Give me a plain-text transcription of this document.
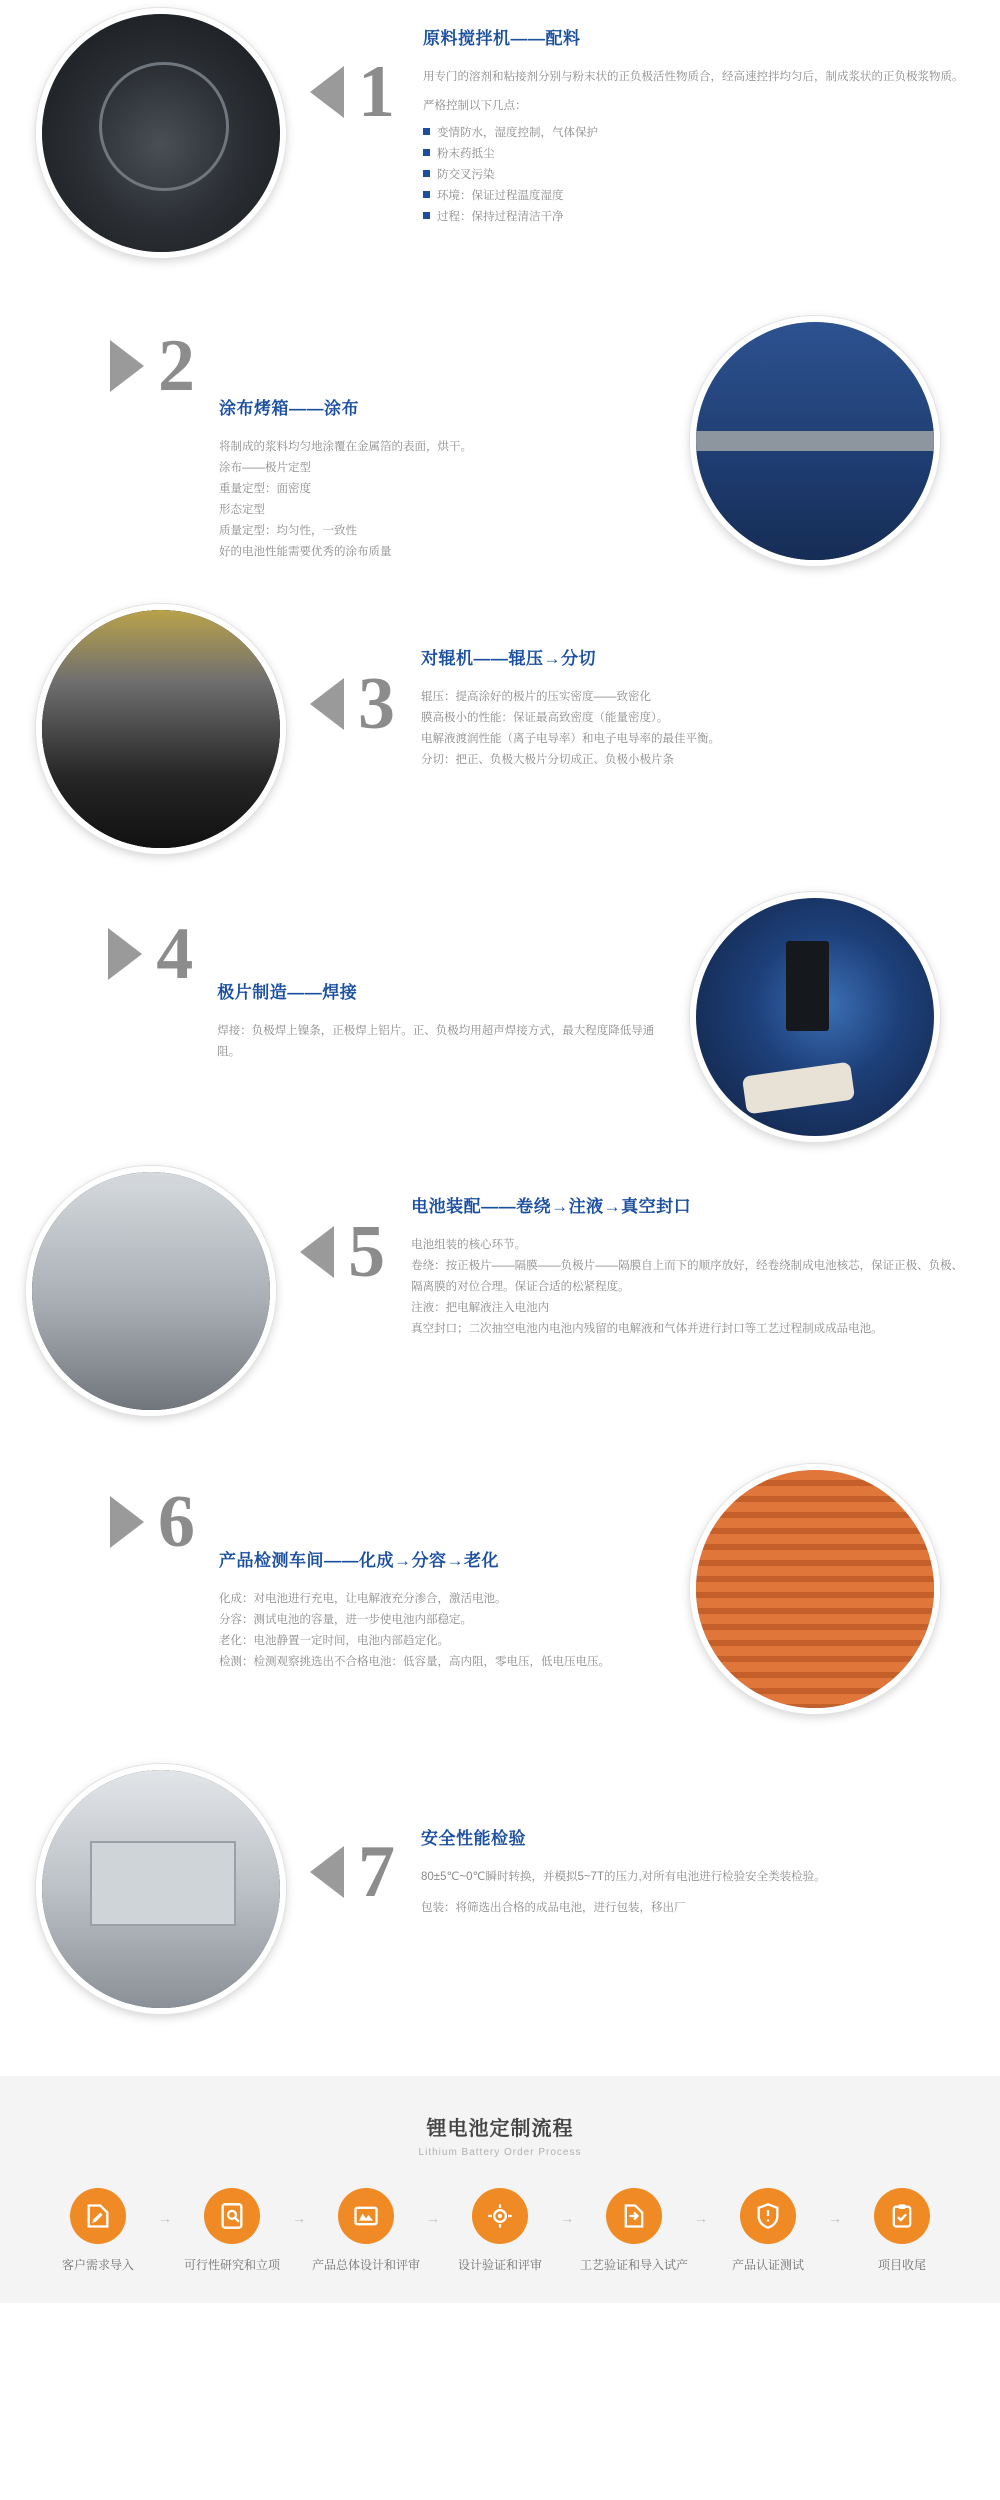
1
原料搅拌机——配料

用专门的溶剂和粘接剂分别与粉末状的正负极活性物质合，经高速控拌均匀后，制成浆状的正负极浆物质。

严格控制以下几点：

变情防水，湿度控制，气体保护
粉末药抵尘
防交叉污染
环境：保证过程温度湿度
过程：保持过程清洁干净
2
涂布烤箱——涂布

将制成的浆料均匀地涂覆在金属箔的表面，烘干。

涂布——极片定型

重量定型：面密度

形态定型

质量定型：均匀性，一致性

好的电池性能需要优秀的涂布质量

3
对辊机——辊压→分切

辊压：提高涂好的极片的压实密度——致密化

膜高极小的性能：保证最高致密度（能量密度）。

电解液渡润性能（离子电导率）和电子电导率的最佳平衡。

分切：把正、负极大极片分切成正、负极小极片条

4 极片制造——焊接

焊接：负极焊上镍条，正极焊上铝片。正、负极均用超声焊接方式，最大程度降低导通阻。

5
电池装配——卷绕→注液→真空封口

电池组装的核心环节。

卷绕：按正极片——隔膜——负极片——隔膜自上而下的顺序放好，经卷绕制成电池核芯，保证正极、负极、隔离膜的对位合理。保证合适的松紧程度。

注液：把电解液注入电池内

真空封口；二次抽空电池内电池内残留的电解液和气体并进行封口等工艺过程制成成品电池。

6 产品检测车间——化成→分容→老化

化成：对电池进行充电，让电解液充分渗合，激活电池。

分容：测试电池的容量，进一步使电池内部稳定。

老化：电池静置一定时间，电池内部趋定化。

检测：检测观察挑选出不合格电池：低容量，高内阻，零电压，低电压电压。

7 安全性能检验

80±5℃~0℃瞬时转换，并模拟5~7T的压力,对所有电池进行检验安全类装检验。

包装：将筛选出合格的成品电池，进行包装，移出厂

锂电池定制流程
Lithium Battery Order Process
客户需求导入
→
可行性研究和立项
→
产品总体设计和评审
→
设计验证和评审
→
工艺验证和导入试产
→
产品认证测试
→
项目收尾
